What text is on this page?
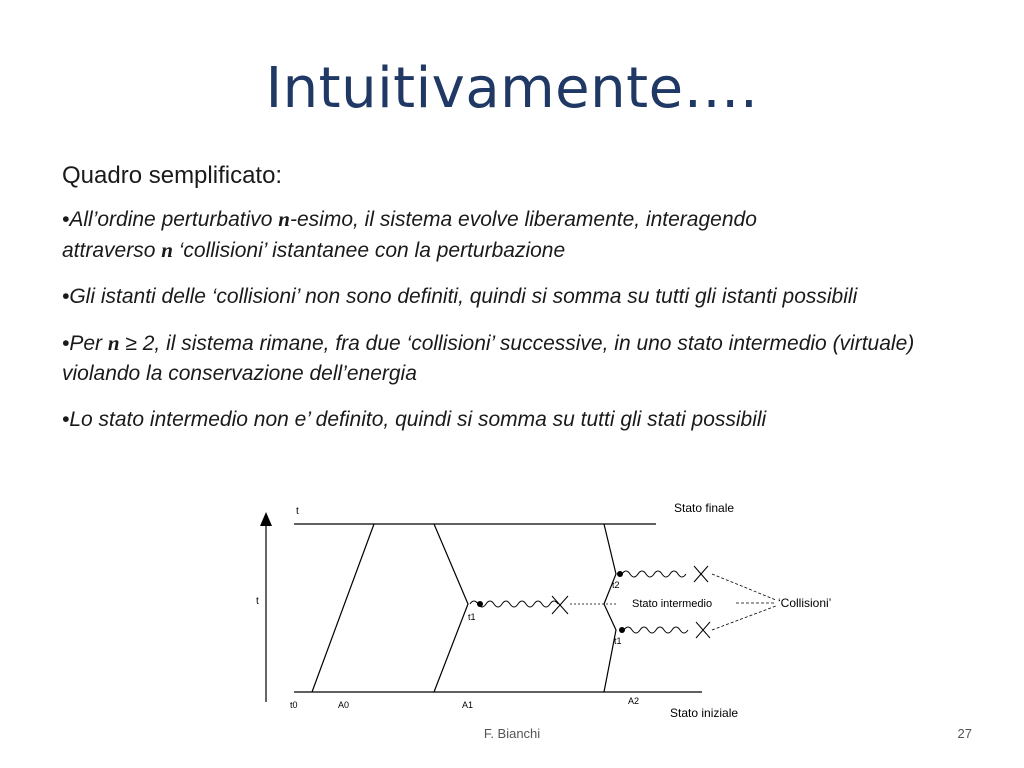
Intuitivamente….
Quadro semplificato:
•All’ordine perturbativo n-esimo, il sistema evolve liberamente, interagendo
attraverso n ‘collisioni’ istantanee con la perturbazione
•Gli istanti delle ‘collisioni’ non sono definiti, quindi si somma su tutti gli istanti possibili
•Per n ≥ 2, il sistema rimane, fra due ‘collisioni’ successive, in uno stato intermedio (virtuale) violando la conservazione dell’energia
•Lo stato intermedio non e’ definito, quindi si somma su tutti gli stati possibili
t
t	Stato finale
Stato iniziale
t0	A0	A1	A2
t1
t2
t1
Stato intermedio	‘Collisioni’
F. Bianchi	27
